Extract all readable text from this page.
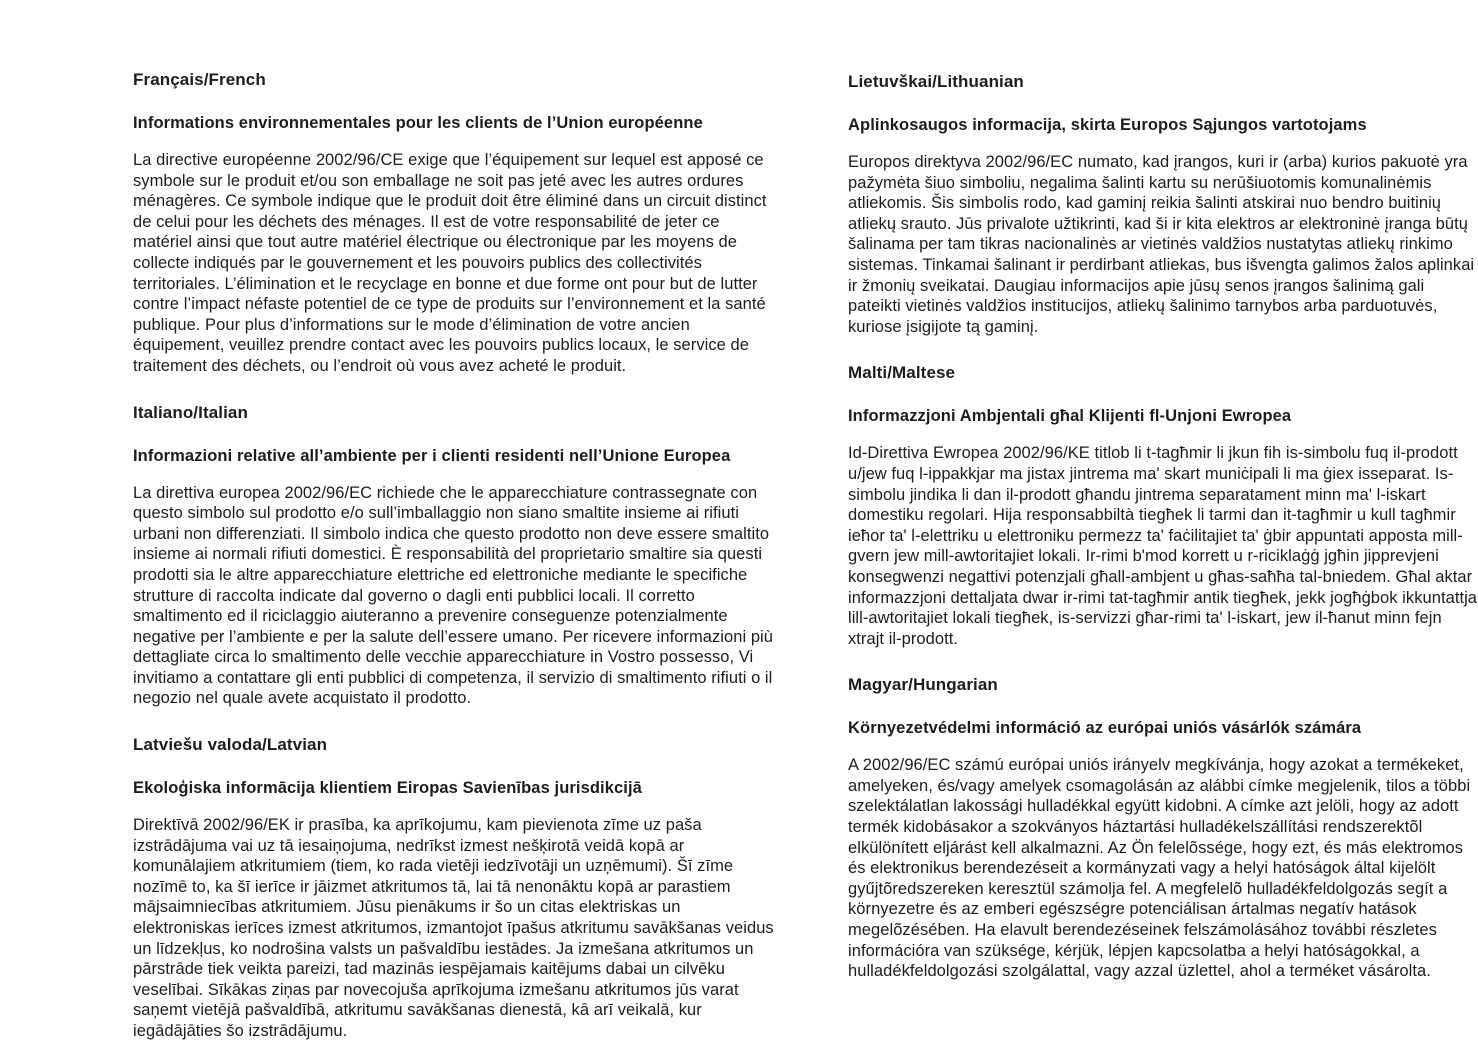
Français/French
Informations environnementales pour les clients de l’Union européenne

La directive européenne 2002/96/CE exige que l’équipement sur lequel est apposé ce symbole sur le produit et/ou son emballage ne soit pas jeté avec les autres ordures ménagères. Ce symbole indique que le produit doit être éliminé dans un circuit distinct de celui pour les déchets des ménages. Il est de votre responsabilité de jeter ce matériel ainsi que tout autre matériel électrique ou électronique par les moyens de collecte indiqués par le gouvernement et les pouvoirs publics des collectivités territoriales. L’élimination et le recyclage en bonne et due forme ont pour but de lutter contre l’impact néfaste potentiel de ce type de produits sur l’environnement et la santé publique. Pour plus d’informations sur le mode d’élimination de votre ancien équipement, veuillez prendre contact avec les pouvoirs publics locaux, le service de traitement des déchets, ou l’endroit où vous avez acheté le produit.

Italiano/Italian
Informazioni relative all’ambiente per i clienti residenti nell’Unione Europea

La direttiva europea 2002/96/EC richiede che le apparecchiature contrassegnate con questo simbolo sul prodotto e/o sull’imballaggio non siano smaltite insieme ai rifiuti urbani non differenziati. Il simbolo indica che questo prodotto non deve essere smaltito insieme ai normali rifiuti domestici. È responsabilità del proprietario smaltire sia questi prodotti sia le altre apparecchiature elettriche ed elettroniche mediante le specifiche strutture di raccolta indicate dal governo o dagli enti pubblici locali. Il corretto smaltimento ed il riciclaggio aiuteranno a prevenire conseguenze potenzialmente negative per l’ambiente e per la salute dell’essere umano. Per ricevere informazioni più dettagliate circa lo smaltimento delle vecchie apparecchiature in Vostro possesso, Vi invitiamo a contattare gli enti pubblici di competenza, il servizio di smaltimento rifiuti o il negozio nel quale avete acquistato il prodotto.

Latviešu valoda/Latvian
Ekoloģiska informācija klientiem Eiropas Savienības jurisdikcijā

Direktīvā 2002/96/EK ir prasība, ka aprīkojumu, kam pievienota zīme uz paša izstrādājuma vai uz tā iesaiņojuma, nedrīkst izmest nešķirotā veidā kopā ar komunālajiem atkritumiem (tiem, ko rada vietēji iedzīvotāji un uzņēmumi). Šī zīme nozīmē to, ka šī ierīce ir jāizmet atkritumos tā, lai tā nenonāktu kopā ar parastiem mājsaimniecības atkritumiem. Jūsu pienākums ir šo un citas elektriskas un elektroniskas ierīces izmest atkritumos, izmantojot īpašus atkritumu savākšanas veidus un līdzekļus, ko nodrošina valsts un pašvaldību iestādes. Ja izmešana atkritumos un pārstrāde tiek veikta pareizi, tad mazinās iespējamais kaitējums dabai un cilvēku veselībai. Sīkākas ziņas par novecojuša aprīkojuma izmešanu atkritumos jūs varat saņemt vietējā pašvaldībā, atkritumu savākšanas dienestā, kā arī veikalā, kur iegādājāties šo izstrādājumu.

Lietuvškai/Lithuanian
Aplinkosaugos informacija, skirta Europos Sąjungos vartotojams

Europos direktyva 2002/96/EC numato, kad įrangos, kuri ir (arba) kurios pakuotė yra pažymėta šiuo simboliu, negalima šalinti kartu su nerūšiuotomis komunalinėmis atliekomis. Šis simbolis rodo, kad gaminį reikia šalinti atskirai nuo bendro buitinių atliekų srauto. Jūs privalote užtikrinti, kad ši ir kita elektros ar elektroninė įranga būtų šalinama per tam tikras nacionalinės ar vietinės valdžios nustatytas atliekų rinkimo sistemas. Tinkamai šalinant ir perdirbant atliekas, bus išvengta galimos žalos aplinkai ir žmonių sveikatai. Daugiau informacijos apie jūsų senos įrangos šalinimą gali pateikti vietinės valdžios institucijos, atliekų šalinimo tarnybos arba parduotuvės, kuriose įsigijote tą gaminį.

Malti/Maltese
Informazzjoni Ambjentali għal Klijenti fl-Unjoni Ewropea

Id-Direttiva Ewropea 2002/96/KE titlob li t-tagħmir li jkun fih is-simbolu fuq il-prodott u/jew fuq l-ippakkjar ma jistax jintrema ma' skart muniċipali li ma ġiex isseparat. Is-simbolu jindika li dan il-prodott għandu jintrema separatament minn ma' l-iskart domestiku regolari. Hija responsabbiltà tiegħek li tarmi dan it-tagħmir u kull tagħmir ieħor ta' l-elettriku u elettroniku permezz ta' faċilitajiet ta' ġbir appuntati apposta mill-gvern jew mill-awtoritajiet lokali. Ir-rimi b'mod korrett u r-riciklaġġ jgħin jipprevjeni konsegwenzi negattivi potenzjali għall-ambjent u għas-saħħa tal-bniedem. Għal aktar informazzjoni dettaljata dwar ir-rimi tat-tagħmir antik tiegħek, jekk jogħġbok ikkuntattja lill-awtoritajiet lokali tiegħek, is-servizzi għar-rimi ta' l-iskart, jew il-ħanut minn fejn xtrajt il-prodott.

Magyar/Hungarian
Környezetvédelmi információ az európai uniós vásárlók számára

A 2002/96/EC számú európai uniós irányelv megkívánja, hogy azokat a termékeket, amelyeken, és/vagy amelyek csomagolásán az alábbi címke megjelenik, tilos a többi szelektálatlan lakossági hulladékkal együtt kidobni. A címke azt jelöli, hogy az adott termék kidobásakor a szokványos háztartási hulladékelszállítási rendszerektõl elkülönített eljárást kell alkalmazni. Az Ön felelõssége, hogy ezt, és más elektromos és elektronikus berendezéseit a kormányzati vagy a helyi hatóságok által kijelölt gyűjtõredszereken keresztül számolja fel. A megfelelõ hulladékfeldolgozás segít a környezetre és az emberi egészségre potenciálisan ártalmas negatív hatások megelõzésében. Ha elavult berendezéseinek felszámolásához további részletes információra van szüksége, kérjük, lépjen kapcsolatba a helyi hatóságokkal, a hulladékfeldolgozási szolgálattal, vagy azzal üzlettel, ahol a terméket vásárolta.
